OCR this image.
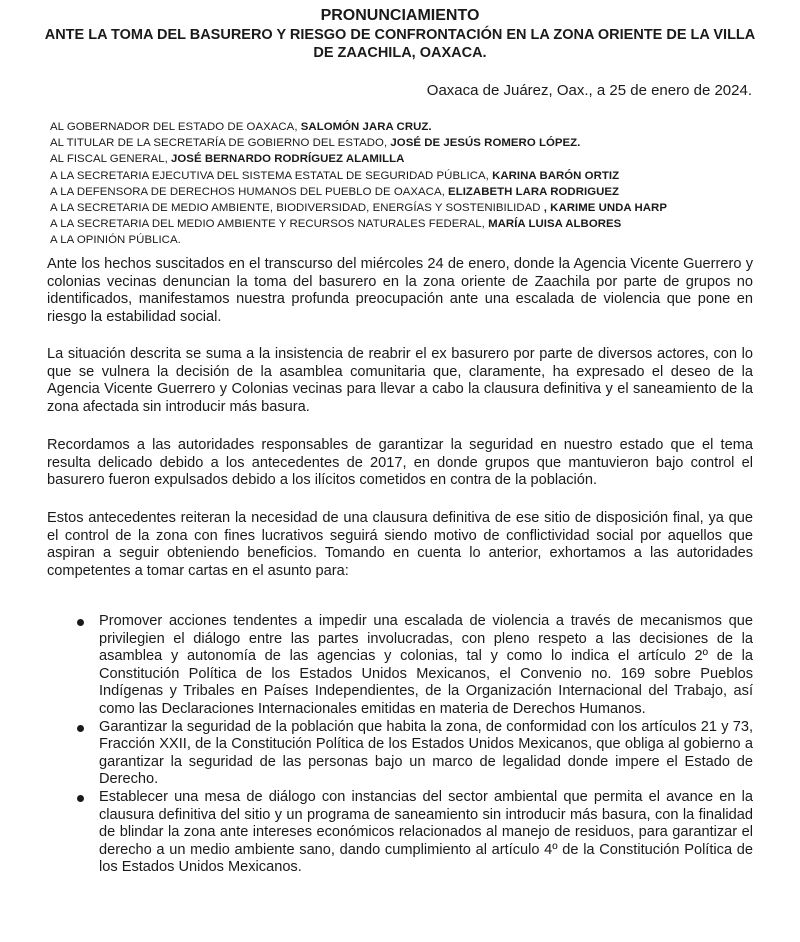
PRONUNCIAMIENTO
ANTE LA TOMA DEL BASURERO Y RIESGO DE CONFRONTACIÓN EN LA ZONA ORIENTE DE LA VILLA DE ZAACHILA, OAXACA.

Oaxaca de Juárez, Oax., a 25 de enero de 2024.

AL GOBERNADOR DEL ESTADO DE OAXACA, SALOMÓN JARA CRUZ.
AL TITULAR DE LA SECRETARÍA DE GOBIERNO DEL ESTADO, JOSÉ DE JESÚS ROMERO LÓPEZ.
AL FISCAL GENERAL, JOSÉ BERNARDO RODRÍGUEZ ALAMILLA
A LA SECRETARIA EJECUTIVA DEL SISTEMA ESTATAL DE SEGURIDAD PÚBLICA, KARINA BARÓN ORTIZ
A LA DEFENSORA DE DERECHOS HUMANOS DEL PUEBLO DE OAXACA, ELIZABETH LARA RODRIGUEZ
A LA SECRETARIA DE MEDIO AMBIENTE, BIODIVERSIDAD, ENERGÍAS Y SOSTENIBILIDAD , KARIME UNDA HARP
A LA SECRETARIA DEL MEDIO AMBIENTE Y RECURSOS NATURALES FEDERAL, MARÍA LUISA ALBORES
A LA OPINIÓN PÚBLICA.

Ante los hechos suscitados en el transcurso del miércoles 24 de enero, donde la Agencia Vicente Guerrero y colonias vecinas denuncian la toma del basurero en la zona oriente de Zaachila por parte de grupos no identificados, manifestamos nuestra profunda preocupación ante una escalada de violencia que pone en riesgo la estabilidad social.

La situación descrita se suma a la insistencia de reabrir el ex basurero por parte de diversos actores, con lo que se vulnera la decisión de la asamblea comunitaria que, claramente, ha expresado el deseo de la Agencia Vicente Guerrero y Colonias vecinas para llevar a cabo la clausura definitiva y el saneamiento de la zona afectada sin introducir más basura.

Recordamos a las autoridades responsables de garantizar la seguridad en nuestro estado que el tema resulta delicado debido a los antecedentes de 2017, en donde grupos que mantuvieron bajo control el basurero fueron expulsados debido a los ilícitos cometidos en contra de la población.

Estos antecedentes reiteran la necesidad de una clausura definitiva de ese sitio de disposición final, ya que el control de la zona con fines lucrativos seguirá siendo motivo de conflictividad social por aquellos que aspiran a seguir obteniendo beneficios. Tomando en cuenta lo anterior, exhortamos a las autoridades competentes a tomar cartas en el asunto para:

Promover acciones tendentes a impedir una escalada de violencia a través de mecanismos que privilegien el diálogo entre las partes involucradas, con pleno respeto a las decisiones de la asamblea y autonomía de las agencias y colonias, tal y como lo indica el artículo 2º de la Constitución Política de los Estados Unidos Mexicanos, el Convenio no. 169 sobre Pueblos Indígenas y Tribales en Países Independientes, de la Organización Internacional del Trabajo, así como las Declaraciones Internacionales emitidas en materia de Derechos Humanos.
Garantizar la seguridad de la población que habita la zona, de conformidad con los artículos 21 y 73, Fracción XXII, de la Constitución Política de los Estados Unidos Mexicanos, que obliga al gobierno a garantizar la seguridad de las personas bajo un marco de legalidad donde impere el Estado de Derecho.
Establecer una mesa de diálogo con instancias del sector ambiental que permita el avance en la clausura definitiva del sitio y un programa de saneamiento sin introducir más basura, con la finalidad de blindar la zona ante intereses económicos relacionados al manejo de residuos, para garantizar el derecho a un medio ambiente sano, dando cumplimiento al artículo 4º de la Constitución Política de los Estados Unidos Mexicanos.
